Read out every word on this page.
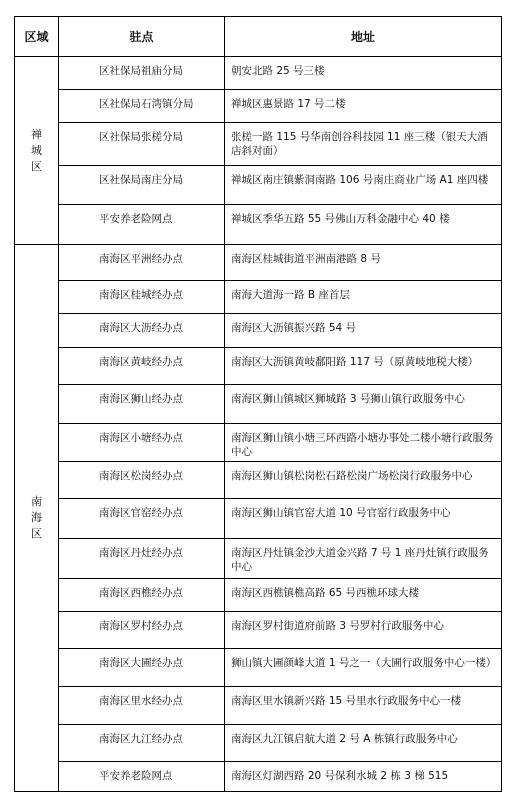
区域	驻点	地址
禅城区	区社保局祖庙分局	朝安北路 25 号三楼
	区社保局石湾镇分局	禅城区惠景路 17 号二楼
	区社保局张槎分局	张槎一路 115 号华南创谷科技园 11 座三楼（银天大酒店斜对面）
	区社保局南庄分局	禅城区南庄镇紫洞南路 106 号南庄商业广场 A1 座四楼
	平安养老险网点	禅城区季华五路 55 号佛山万科金融中心 40 楼
南海区	南海区平洲经办点	南海区桂城街道平洲南港路 8 号
	南海区桂城经办点	南海大道海一路 B 座首层
	南海区大沥经办点	南海区大沥镇振兴路 54 号
	南海区黄岐经办点	南海区大沥镇黄岐鄱阳路 117 号（原黄岐地税大楼）
	南海区狮山经办点	南海区狮山镇城区狮城路 3 号狮山镇行政服务中心
	南海区小塘经办点	南海区狮山镇小塘三环西路小塘办事处二楼小塘行政服务中心
	南海区松岗经办点	南海区狮山镇松岗松石路松岗广场松岗行政服务中心
	南海区官窑经办点	南海区狮山镇官窑大道 10 号官窑行政服务中心
	南海区丹灶经办点	南海区丹灶镇金沙大道金兴路 7 号 1 座丹灶镇行政服务中心
	南海区西樵经办点	南海区西樵镇樵高路 65 号西樵环球大楼
	南海区罗村经办点	南海区罗村街道府前路 3 号罗村行政服务中心
	南海区大圃经办点	狮山镇大圃颜峰大道 1 号之一（大圃行政服务中心一楼）
	南海区里水经办点	南海区里水镇新兴路 15 号里水行政服务中心一楼
	南海区九江经办点	南海区九江镇启航大道 2 号 A 栋镇行政服务中心
	平安养老险网点	南海区灯湖西路 20 号保利水城 2 栋 3 梯 515
